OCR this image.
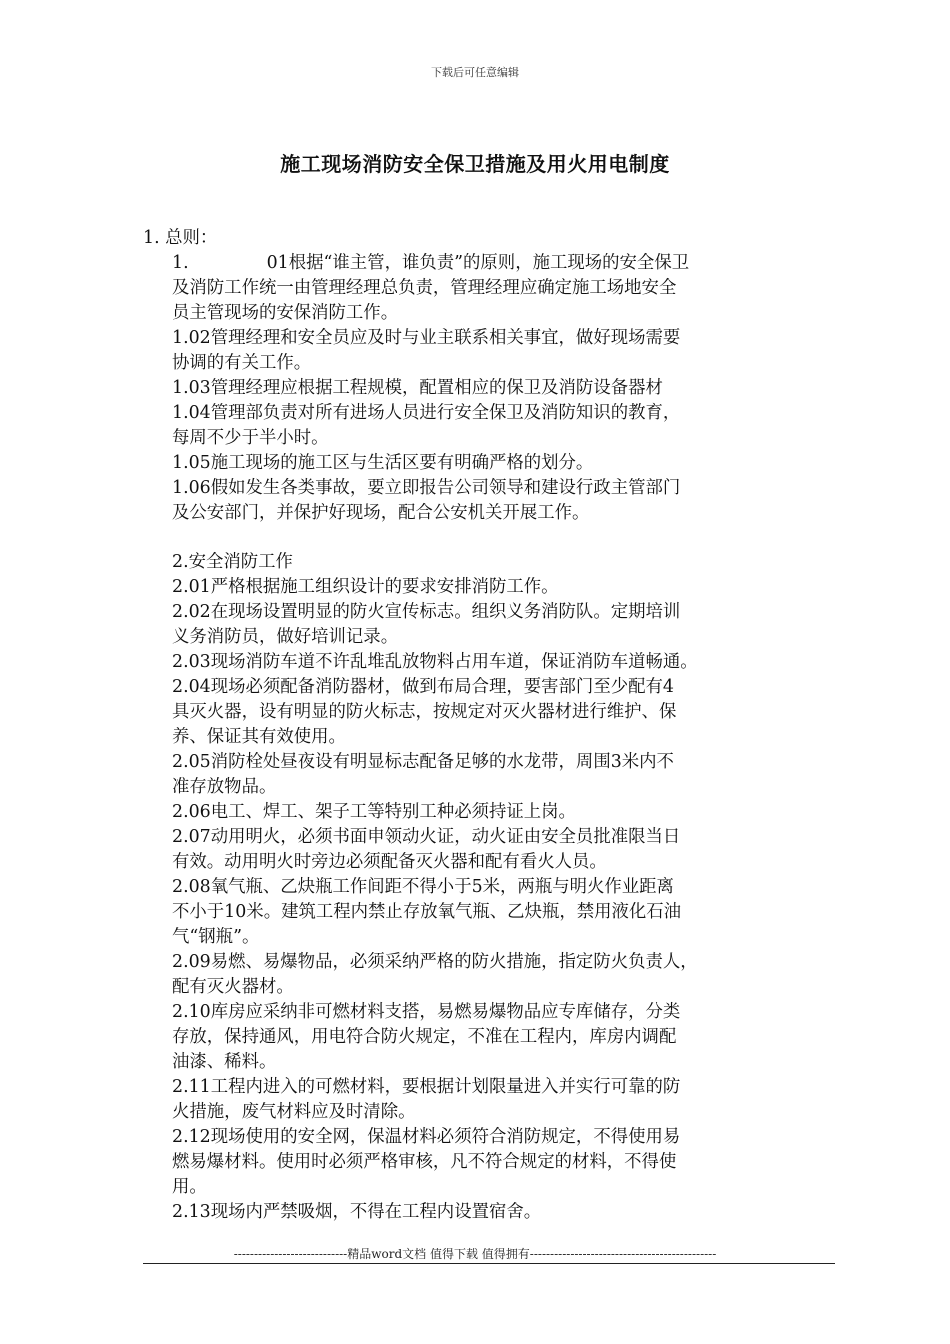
下载后可任意编辑
施工现场消防安全保卫措施及用火用电制度
1. 总则：
1.	01根据“谁主管，谁负责”的原则，施工现场的安全保卫
及消防工作统一由管理经理总负责，管理经理应确定施工场地安全
员主管现场的安保消防工作。
1.02管理经理和安全员应及时与业主联系相关事宜，做好现场需要
协调的有关工作。
1.03管理经理应根据工程规模，配置相应的保卫及消防设备器材
1.04管理部负责对所有进场人员进行安全保卫及消防知识的教育，
每周不少于半小时。
1.05施工现场的施工区与生活区要有明确严格的划分。
1.06假如发生各类事故，要立即报告公司领导和建设行政主管部门
及公安部门，并保护好现场，配合公安机关开展工作。
2.安全消防工作
2.01严格根据施工组织设计的要求安排消防工作。
2.02在现场设置明显的防火宣传标志。组织义务消防队。定期培训
义务消防员，做好培训记录。
2.03现场消防车道不许乱堆乱放物料占用车道，保证消防车道畅通。
2.04现场必须配备消防器材，做到布局合理，要害部门至少配有4
具灭火器，设有明显的防火标志，按规定对灭火器材进行维护、保
养、保证其有效使用。
2.05消防栓处昼夜设有明显标志配备足够的水龙带，周围3米内不
准存放物品。
2.06电工、焊工、架子工等特别工种必须持证上岗。
2.07动用明火，必须书面申领动火证，动火证由安全员批准限当日
有效。动用明火时旁边必须配备灭火器和配有看火人员。
2.08氧气瓶、乙炔瓶工作间距不得小于5米，两瓶与明火作业距离
不小于10米。建筑工程内禁止存放氧气瓶、乙炔瓶，禁用液化石油
气“钢瓶”。
2.09易燃、易爆物品，必须采纳严格的防火措施，指定防火负责人，
配有灭火器材。
2.10库房应采纳非可燃材料支搭，易燃易爆物品应专库储存，分类
存放，保持通风，用电符合防火规定，不准在工程内，库房内调配
油漆、稀料。
2.11工程内进入的可燃材料，要根据计划限量进入并实行可靠的防
火措施，废气材料应及时清除。
2.12现场使用的安全网，保温材料必须符合消防规定，不得使用易
燃易爆材料。使用时必须严格审核，凡不符合规定的材料，不得使
用。
2.13现场内严禁吸烟，不得在工程内设置宿舍。
----------------------------精品word文档 值得下载 值得拥有----------------------------------------------
